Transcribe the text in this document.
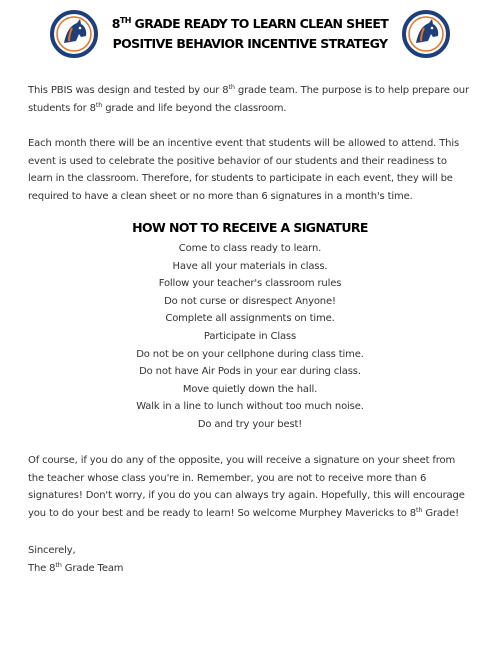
8TH GRADE READY TO LEARN CLEAN SHEET
POSITIVE BEHAVIOR INCENTIVE STRATEGY

This PBIS was design and tested by our 8th grade team. The purpose is to help prepare our students for 8th grade and life beyond the classroom.

Each month there will be an incentive event that students will be allowed to attend. This event is used to celebrate the positive behavior of our students and their readiness to learn in the classroom. Therefore, for students to participate in each event, they will be required to have a clean sheet or no more than 6 signatures in a month's time.

HOW NOT TO RECEIVE A SIGNATURE
Come to class ready to learn.
Have all your materials in class.
Follow your teacher's classroom rules
Do not curse or disrespect Anyone!
Complete all assignments on time.
Participate in Class
Do not be on your cellphone during class time.
Do not have Air Pods in your ear during class.
Move quietly down the hall.
Walk in a line to lunch without too much noise.
Do and try your best!

Of course, if you do any of the opposite, you will receive a signature on your sheet from the teacher whose class you're in. Remember, you are not to receive more than 6 signatures! Don't worry, if you do you can always try again. Hopefully, this will encourage you to do your best and be ready to learn! So welcome Murphey Mavericks to 8th Grade!

Sincerely,
The 8th Grade Team
